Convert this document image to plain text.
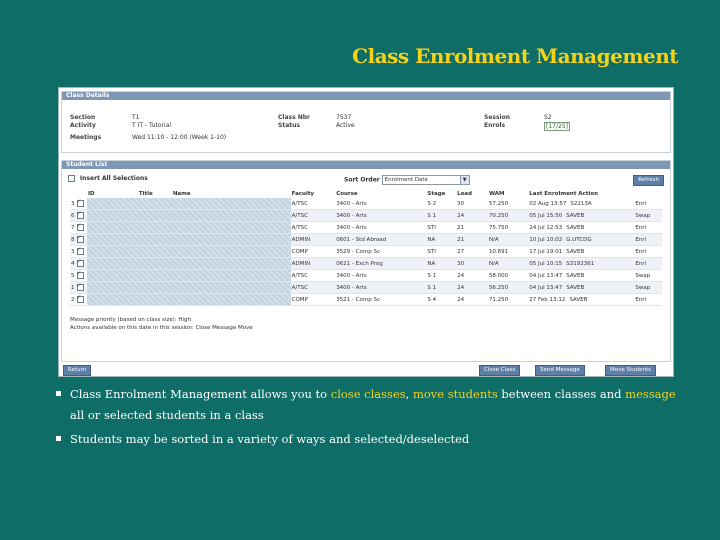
Class Enrolment Management
Class Details
Section	T1
Activity	T IT - Tutorial
Meetings	Wed 11:10 - 12:00 (Week 1-10)
Class Nbr	7537
Status	Active
Session	S2
Enrols	[17/25]
Student List
Insert All Selections	Sort Order Enrolment Date	▼	Refresh
	ID	Title	Name	Faculty	Course	Stage	Load	WAM	Last Enrolment Action	
3✓				A/TSC	3400 - Arts	S 2	30	57.250	02 Aug 13:57 S2213A	Enrl
6✓				A/TSC	3400 - Arts	S 1	24	70.250	05 Jul 15:50 SAVEB	Swap
7✓				A/TSC	3400 - Arts	STI	21	75.750	24 Jul 12:53 SAVEB	Enrl
8✓				ADMIN	0601 - Std Abroad	NA	21	N/A	10 Jul 10:02 G.UTCDG	Enrl
3✓				COMP	3529 - Comp Sc	STI	27	10.691	17 Jul 19:01 SAVEB	Enrl
4✓				ADMIN	0621 - Exch Prog	NA	30	N/A	05 Jul 10:15 S3192361	Enrl
5✓				A/TSC	3400 - Arts	S 1	24	58.000	04 Jul 13:47 SAVEB	Swap
1✓				A/TSC	3400 - Arts	S 1	24	56.250	04 Jul 13:47 SAVEB	Swap
2✓				COMP	3521 - Comp Sc	S 4	24	71.250	27 Feb 13:12 SAVEB	Enrl
Message priority (based on class size): High
Actions available on this date in this session: Close Message Move
Return	Close Class	Send Message	Move Students
Class Enrolment Management allows you to close classes, move students between classes and message all or selected students in a class
Students may be sorted in a variety of ways and selected/deselected
